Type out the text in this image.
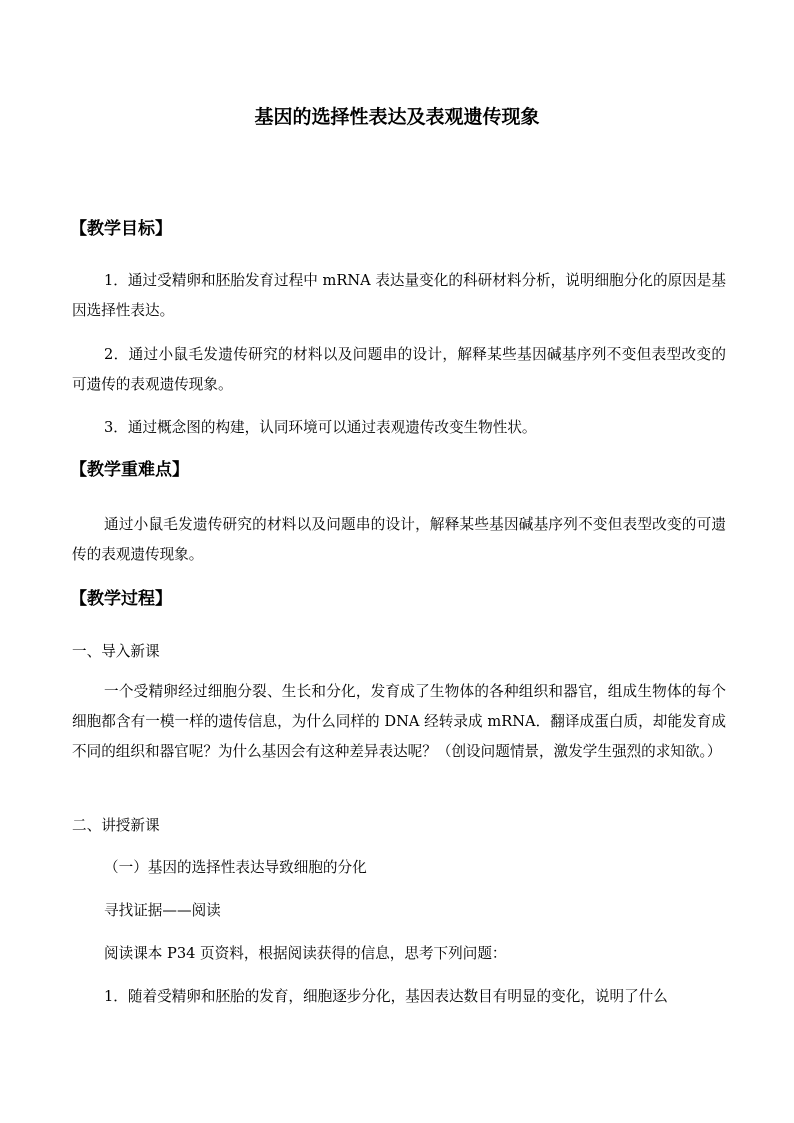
基因的选择性表达及表观遗传现象
【教学目标】
1．通过受精卵和胚胎发育过程中 mRNA 表达量变化的科研材料分析，说明细胞分化的原因是基因选择性表达。
2．通过小鼠毛发遗传研究的材料以及问题串的设计，解释某些基因碱基序列不变但表型改变的可遗传的表观遗传现象。
3．通过概念图的构建，认同环境可以通过表观遗传改变生物性状。
【教学重难点】
通过小鼠毛发遗传研究的材料以及问题串的设计，解释某些基因碱基序列不变但表型改变的可遗传的表观遗传现象。
【教学过程】
一、导入新课
一个受精卵经过细胞分裂、生长和分化，发育成了生物体的各种组织和器官，组成生物体的每个细胞都含有一模一样的遗传信息，为什么同样的 DNA 经转录成 mRNA．翻译成蛋白质，却能发育成不同的组织和器官呢？为什么基因会有这种差异表达呢？（创设问题情景，激发学生强烈的求知欲。）
二、讲授新课
（一）基因的选择性表达导致细胞的分化
寻找证据——阅读
阅读课本 P34 页资料，根据阅读获得的信息，思考下列问题：
1．随着受精卵和胚胎的发育，细胞逐步分化，基因表达数目有明显的变化，说明了什么
